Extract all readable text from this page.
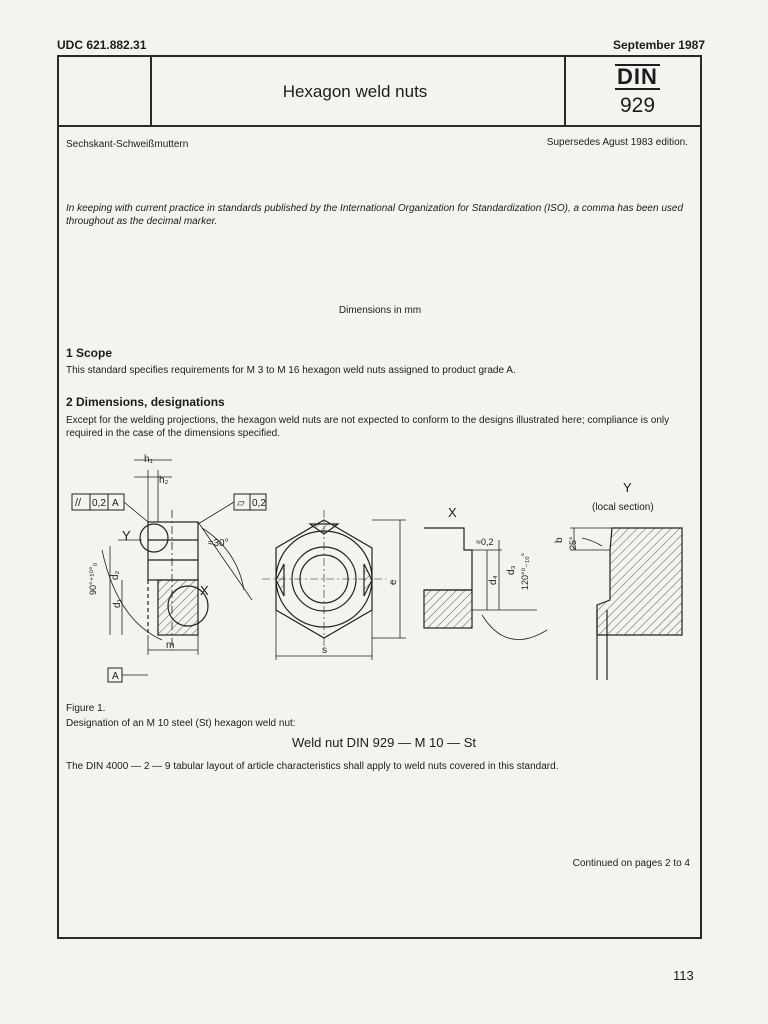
UDC 621.882.31	September 1987
Hexagon weld nuts
DIN
929
Sechskant-Schweißmuttern	Supersedes Agust 1983 edition.
In keeping with current practice in standards published by the International Organization for Standardization (ISO), a comma has been used throughout as the decimal marker.
Dimensions in mm
1 Scope
This standard specifies requirements for M 3 to M 16 hexagon weld nuts assigned to product grade A.
2 Dimensions, designations
Except for the welding projections, the hexagon weld nuts are not expected to conform to the designs illustrated here; compliance is only required in the case of the dimensions specified.
h₁
h₂
// 0,2 A	▱ 0,2
Y
X
≈30°
90°⁺¹⁰°₀ d₂
d₁
m
A
e
s
X
≈0,2
d₄
d₃ 120°⁰₋₁₀°
Y
(local section)
b 25°
Figure 1.
Designation of an M 10 steel (St) hexagon weld nut:
Weld nut DIN 929 — M 10 — St
The DIN 4000 — 2 — 9 tabular layout of article characteristics shall apply to weld nuts covered in this standard.
Continued on pages 2 to 4
113
